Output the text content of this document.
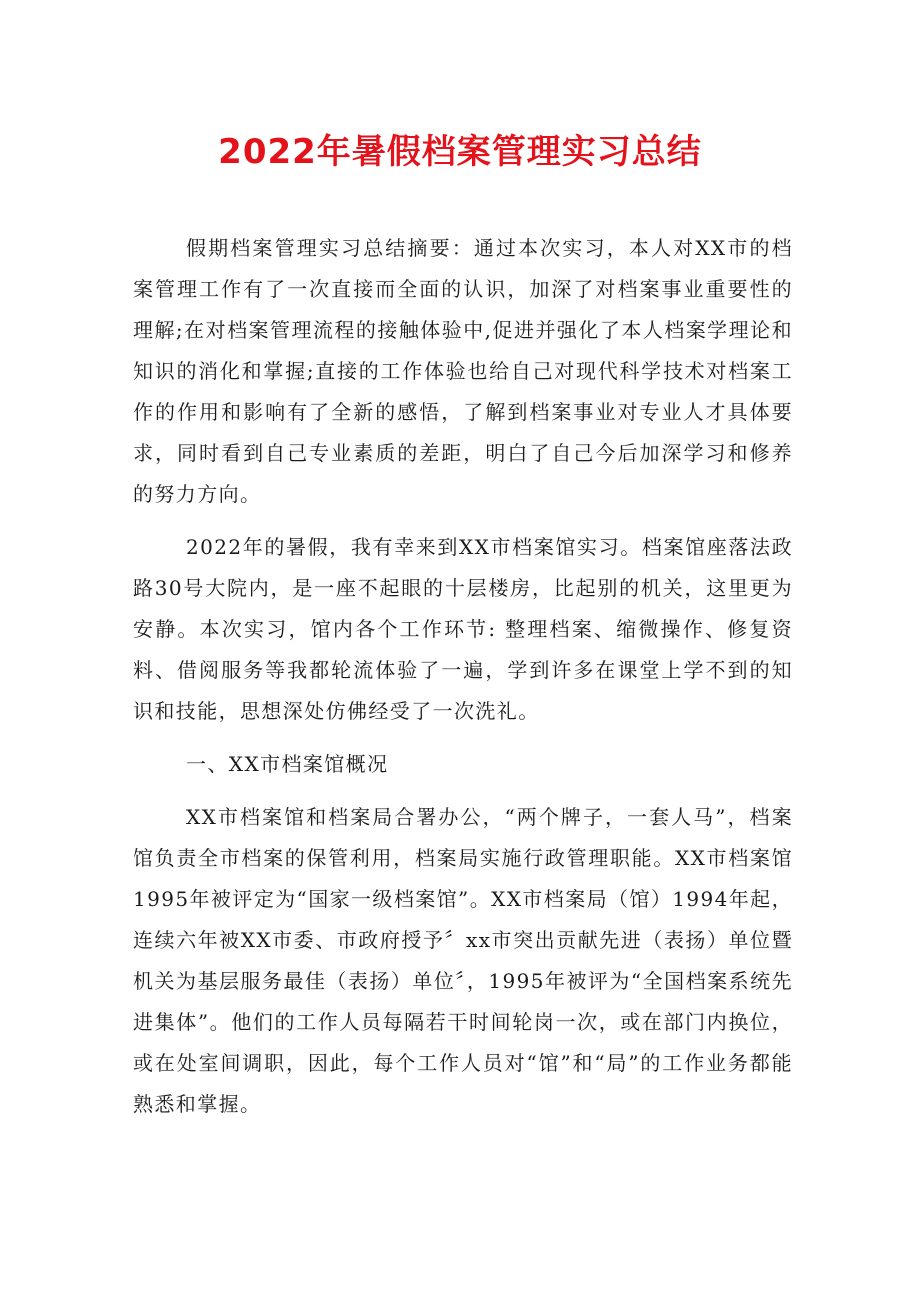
2022年暑假档案管理实习总结

假期档案管理实习总结摘要：通过本次实习，本人对XX市的档案管理工作有了一次直接而全面的认识，加深了对档案事业重要性的理解;在对档案管理流程的接触体验中,促进并强化了本人档案学理论和知识的消化和掌握;直接的工作体验也给自己对现代科学技术对档案工作的作用和影响有了全新的感悟，了解到档案事业对专业人才具体要求，同时看到自己专业素质的差距，明白了自己今后加深学习和修养的努力方向。

2022年的暑假，我有幸来到XX市档案馆实习。档案馆座落法政路30号大院内，是一座不起眼的十层楼房，比起别的机关，这里更为安静。本次实习，馆内各个工作环节: 整理档案、缩微操作、修复资料、借阅服务等我都轮流体验了一遍，学到许多在课堂上学不到的知识和技能，思想深处仿佛经受了一次洗礼。

一、XX市档案馆概况

XX市档案馆和档案局合署办公，“两个牌子，一套人马”，档案馆负责全市档案的保管利用，档案局实施行政管理职能。XX市档案馆1995年被评定为“国家一级档案馆”。XX市档案局（馆）1994年起，连续六年被XX市委、市政府授予〞xx市突出贡献先进（表扬）单位暨机关为基层服务最佳（表扬）单位〞，1995年被评为“全国档案系统先进集体”。他们的工作人员每隔若干时间轮岗一次，或在部门内换位，或在处室间调职，因此，每个工作人员对“馆”和“局”的工作业务都能熟悉和掌握。
